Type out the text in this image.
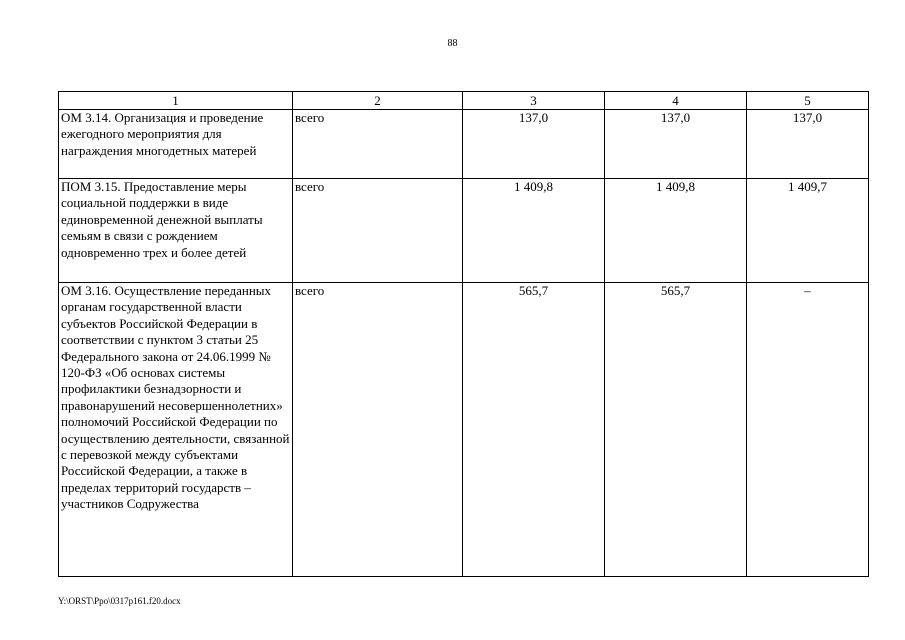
88
1	2	3	4	5
ОМ 3.14. Организация и проведение ежегодного мероприятия для награждения многодетных матерей	всего	137,0	137,0	137,0
ПОМ 3.15. Предоставление меры социальной поддержки в виде единовременной денежной выплаты семьям в связи с рождением одновременно трех и более детей	всего	1 409,8	1 409,8	1 409,7
ОМ 3.16. Осуществление переданных органам государственной власти субъектов Российской Федерации в соответствии с пунктом 3 статьи 25 Федерального закона от 24.06.1999 № 120-ФЗ «Об основах системы профилактики безнадзорности и правонарушений несовершеннолетних» полномочий Российской Федерации по осуществлению деятельности, связанной с перевозкой между субъектами Российской Федерации, а также в пределах территорий государств – участников Содружества	всего	565,7	565,7	–
Y:\ORST\Ppo\0317p161.f20.docx
